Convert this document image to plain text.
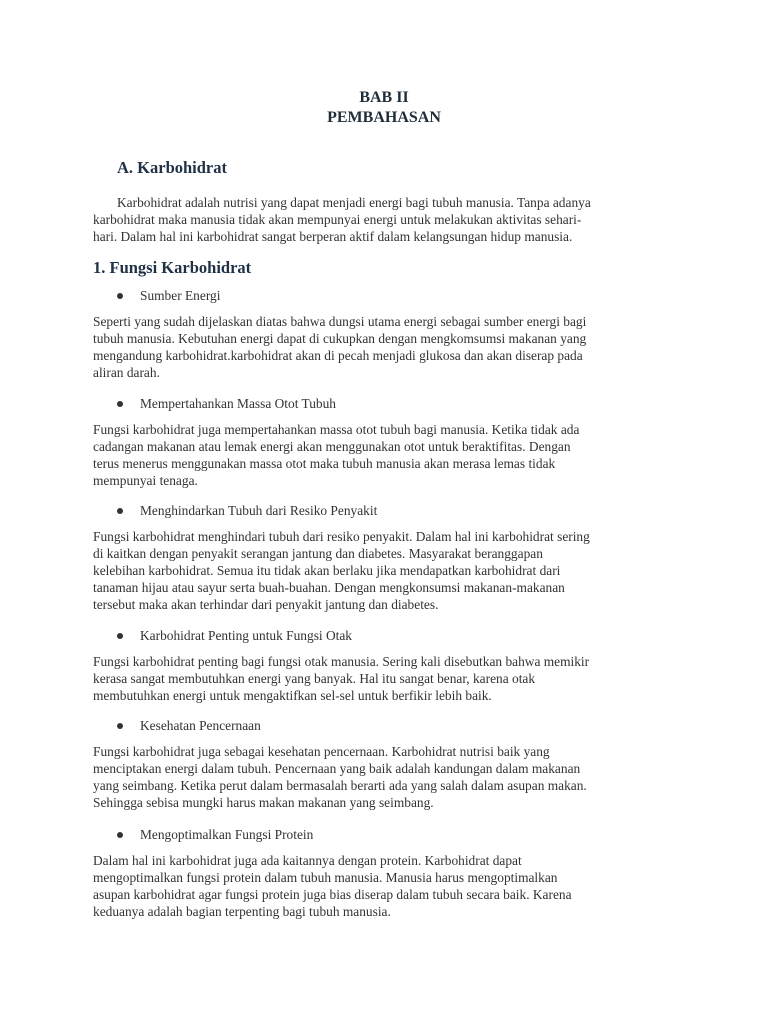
BAB II
PEMBAHASAN
A. Karbohidrat

Karbohidrat adalah nutrisi yang dapat menjadi energi bagi tubuh manusia. Tanpa adanya
karbohidrat maka manusia tidak akan mempunyai energi untuk melakukan aktivitas sehari-
hari. Dalam hal ini karbohidrat sangat berperan aktif dalam kelangsungan hidup manusia.

1. Fungsi Karbohidrat
Sumber Energi

Seperti yang sudah dijelaskan diatas bahwa dungsi utama energi sebagai sumber energi bagi
tubuh manusia. Kebutuhan energi dapat di cukupkan dengan mengkomsumsi makanan yang
mengandung karbohidrat.karbohidrat akan di pecah menjadi glukosa dan akan diserap pada
aliran darah.

Mempertahankan Massa Otot Tubuh

Fungsi karbohidrat juga mempertahankan massa otot tubuh bagi manusia. Ketika tidak ada
cadangan makanan atau lemak energi akan menggunakan otot untuk beraktifitas. Dengan
terus menerus menggunakan massa otot maka tubuh manusia akan merasa lemas tidak
mempunyai tenaga.

Menghindarkan Tubuh dari Resiko Penyakit

Fungsi karbohidrat menghindari tubuh dari resiko penyakit. Dalam hal ini karbohidrat sering
di kaitkan dengan penyakit serangan jantung dan diabetes. Masyarakat beranggapan
kelebihan karbohidrat. Semua itu tidak akan berlaku jika mendapatkan karbohidrat dari
tanaman hijau atau sayur serta buah-buahan. Dengan mengkonsumsi makanan-makanan
tersebut maka akan terhindar dari penyakit jantung dan diabetes.

Karbohidrat Penting untuk Fungsi Otak

Fungsi karbohidrat penting bagi fungsi otak manusia. Sering kali disebutkan bahwa memikir
kerasa sangat membutuhkan energi yang banyak. Hal itu sangat benar, karena otak
membutuhkan energi untuk mengaktifkan sel-sel untuk berfikir lebih baik.

Kesehatan Pencernaan

Fungsi karbohidrat juga sebagai kesehatan pencernaan. Karbohidrat nutrisi baik yang
menciptakan energi dalam tubuh. Pencernaan yang baik adalah kandungan dalam makanan
yang seimbang. Ketika perut dalam bermasalah berarti ada yang salah dalam asupan makan.
Sehingga sebisa mungki harus makan makanan yang seimbang.

Mengoptimalkan Fungsi Protein

Dalam hal ini karbohidrat juga ada kaitannya dengan protein. Karbohidrat dapat
mengoptimalkan fungsi protein dalam tubuh manusia. Manusia harus mengoptimalkan
asupan karbohidrat agar fungsi protein juga bias diserap dalam tubuh secara baik. Karena
keduanya adalah bagian terpenting bagi tubuh manusia.
